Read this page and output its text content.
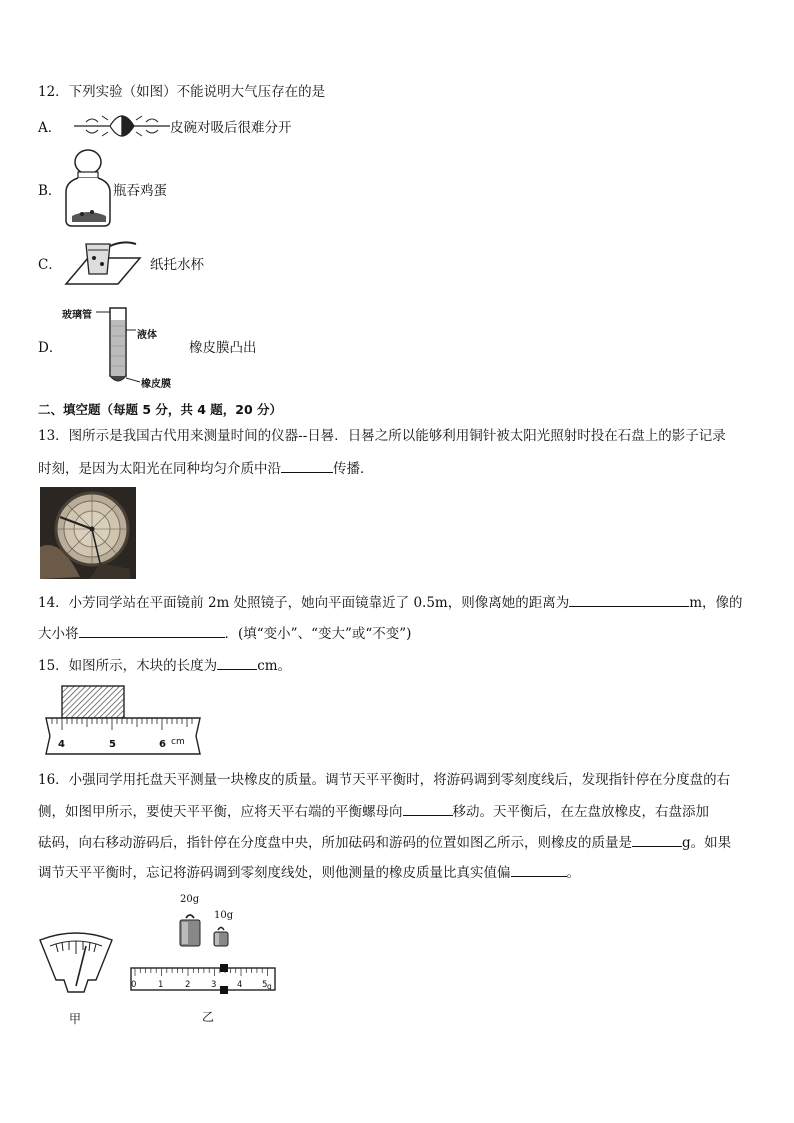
12．下列实验（如图）不能说明大气压存在的是
A．	皮碗对吸后很难分开
B．	瓶吞鸡蛋
C．	纸托水杯
D．
玻璃管
液体
橡皮膜
橡皮膜凸出
二、填空题（每题 5 分，共 4 题，20 分）
13．图所示是我国古代用来测量时间的仪器--日晷．日晷之所以能够利用铜针被太阳光照射时投在石盘上的影子记录
时刻，是因为太阳光在同种均匀介质中沿	传播．
14．小芳同学站在平面镜前 2m 处照镜子，她向平面镜靠近了 0.5m，则像离她的距离为	m，像的
大小将	．(填“变小”、“变大”或“不变”)
15．如图所示，木块的长度为	cm。
4	5	6 cm
16．小强同学用托盘天平测量一块橡皮的质量。调节天平平衡时，将游码调到零刻度线后，发现指针停在分度盘的右
侧，如图甲所示，要使天平平衡，应将天平右端的平衡螺母向	移动。天平衡后，在左盘放橡皮，右盘添加
砝码，向右移动游码后，指针停在分度盘中央，所加砝码和游码的位置如图乙所示，则橡皮的质量是	g。如果
调节天平平衡时，忘记将游码调到零刻度线处，则他测量的橡皮质量比真实值偏	。
甲
20g
10g
0	1	2 3 4 5 g
乙
